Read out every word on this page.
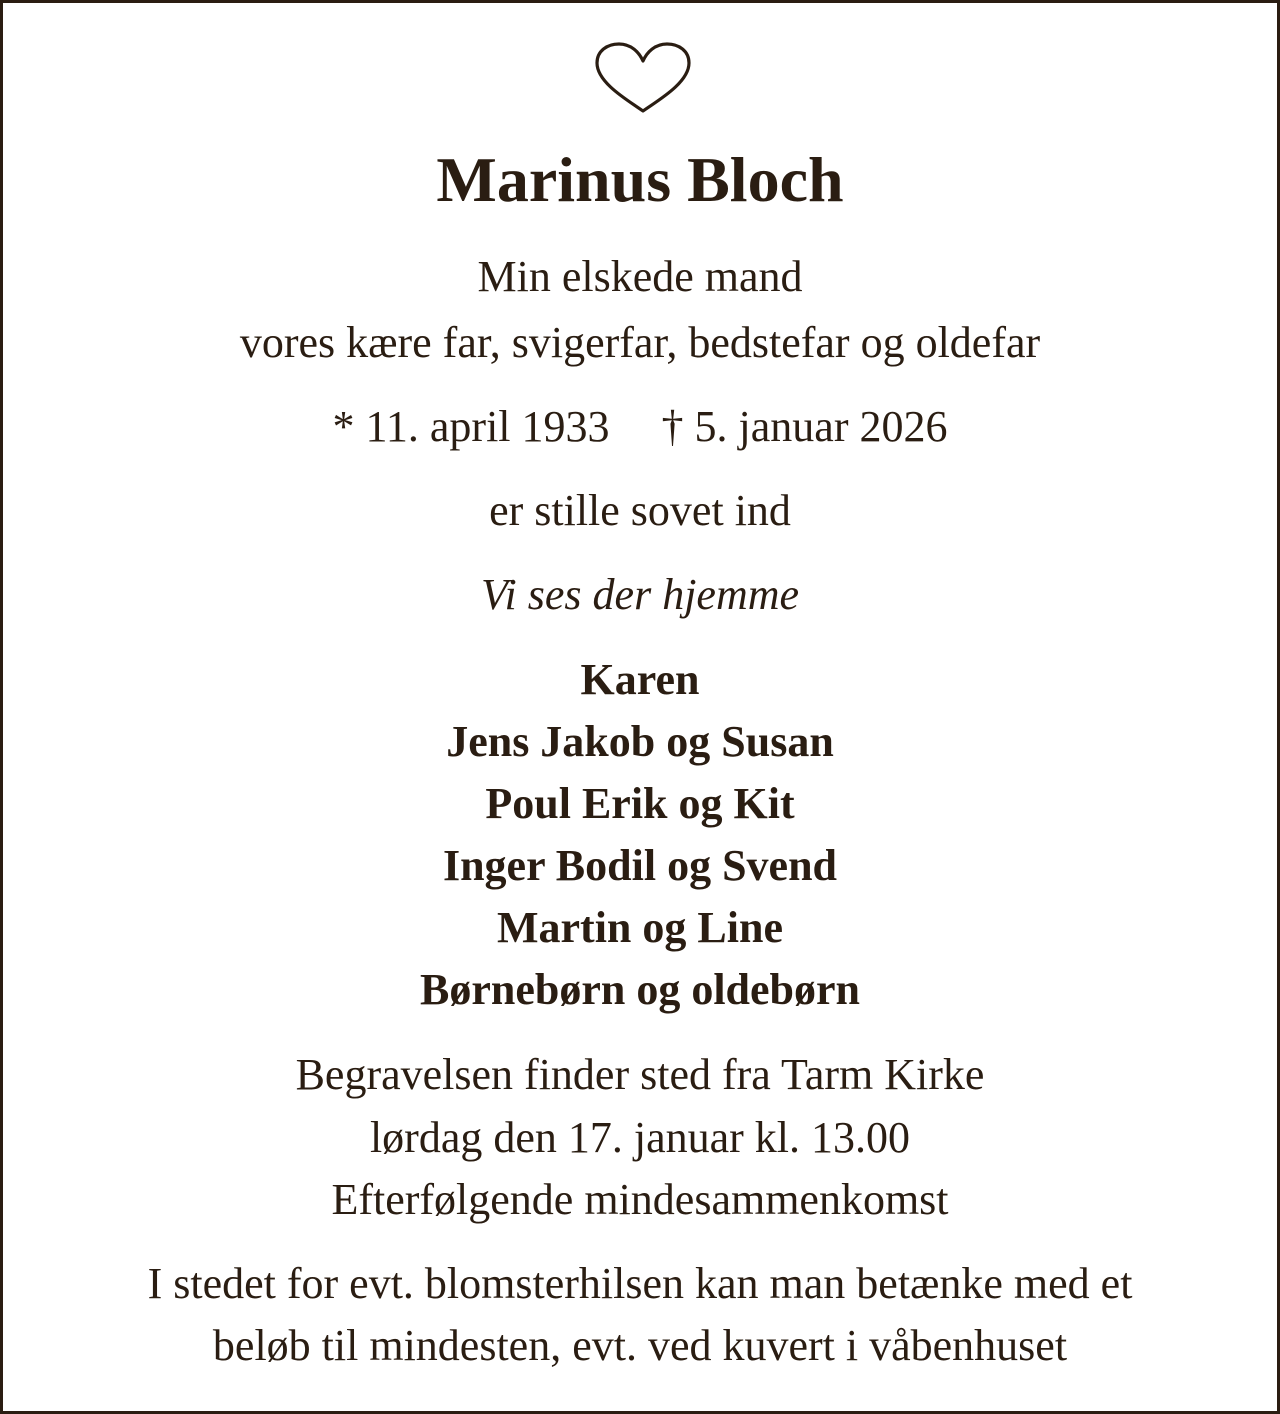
Marinus Bloch

Min elskede mand

vores kære far, svigerfar, bedstefar og oldefar

* 11. april 1933 † 5. januar 2026

er stille sovet ind

Vi ses der hjemme

Karen

Jens Jakob og Susan

Poul Erik og Kit

Inger Bodil og Svend

Martin og Line

Børnebørn og oldebørn

Begravelsen finder sted fra Tarm Kirke

lørdag den 17. januar kl. 13.00

Efterfølgende mindesammenkomst

I stedet for evt. blomsterhilsen kan man betænke med et

beløb til mindesten, evt. ved kuvert i våbenhuset
